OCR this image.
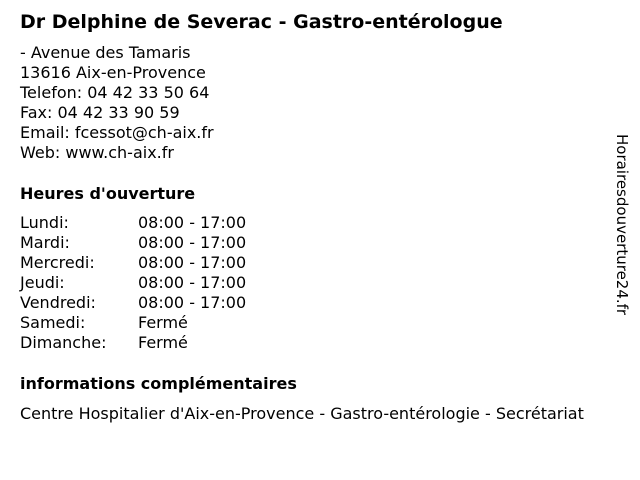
Dr Delphine de Severac - Gastro-entérologue
- Avenue des Tamaris
13616 Aix-en-Provence
Telefon: 04 42 33 50 64
Fax: 04 42 33 90 59
Email: fcessot@ch-aix.fr
Web: www.ch-aix.fr
Heures d'ouverture
Lundi:	08:00 - 17:00
Mardi:	08:00 - 17:00
Mercredi:	08:00 - 17:00
Jeudi:	08:00 - 17:00
Vendredi:	08:00 - 17:00
Samedi:	Fermé
Dimanche:	Fermé
informations complémentaires
Centre Hospitalier d'Aix-en-Provence - Gastro-entérologie - Secrétariat
Horairesdouverture24.fr
